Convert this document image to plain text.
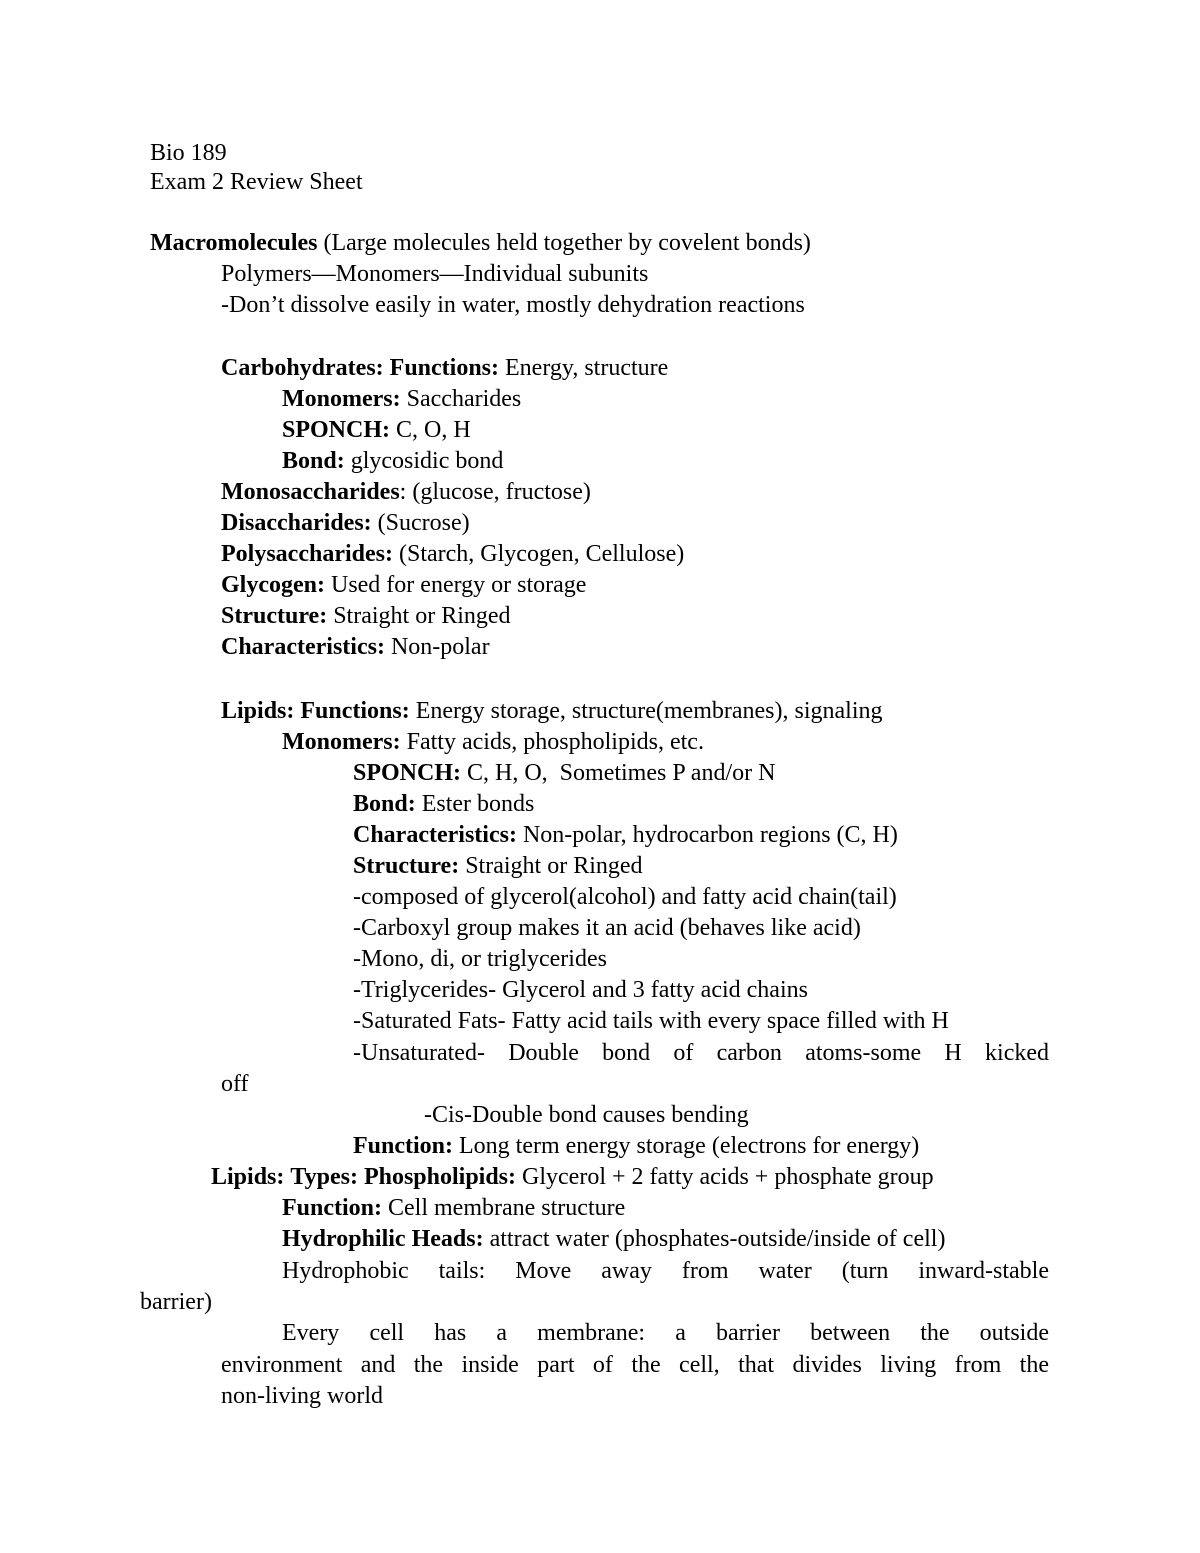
Bio 189
Exam 2 Review Sheet
Macromolecules (Large molecules held together by covelent bonds)
Polymers—Monomers—Individual subunits
-Don’t dissolve easily in water, mostly dehydration reactions
Carbohydrates: Functions: Energy, structure
Monomers: Saccharides
SPONCH: C, O, H
Bond: glycosidic bond
Monosaccharides: (glucose, fructose)
Disaccharides: (Sucrose)
Polysaccharides: (Starch, Glycogen, Cellulose)
Glycogen: Used for energy or storage
Structure: Straight or Ringed
Characteristics: Non-polar
Lipids: Functions: Energy storage, structure(membranes), signaling
Monomers: Fatty acids, phospholipids, etc.
SPONCH: C, H, O,  Sometimes P and/or N
Bond: Ester bonds
Characteristics: Non-polar, hydrocarbon regions (C, H)
Structure: Straight or Ringed
-composed of glycerol(alcohol) and fatty acid chain(tail)
-Carboxyl group makes it an acid (behaves like acid)
-Mono, di, or triglycerides
-Triglycerides- Glycerol and 3 fatty acid chains
-Saturated Fats- Fatty acid tails with every space filled with H
-Unsaturated- Double bond of carbon atoms-some H kicked
off
-Cis-Double bond causes bending
Function: Long term energy storage (electrons for energy)
Lipids: Types: Phospholipids: Glycerol + 2 fatty acids + phosphate group
Function: Cell membrane structure
Hydrophilic Heads: attract water (phosphates-outside/inside of cell)
Hydrophobic tails: Move away from water (turn inward-stable
barrier)
Every cell has a membrane: a barrier between the outside
environment and the inside part of the cell, that divides living from the
non-living world
